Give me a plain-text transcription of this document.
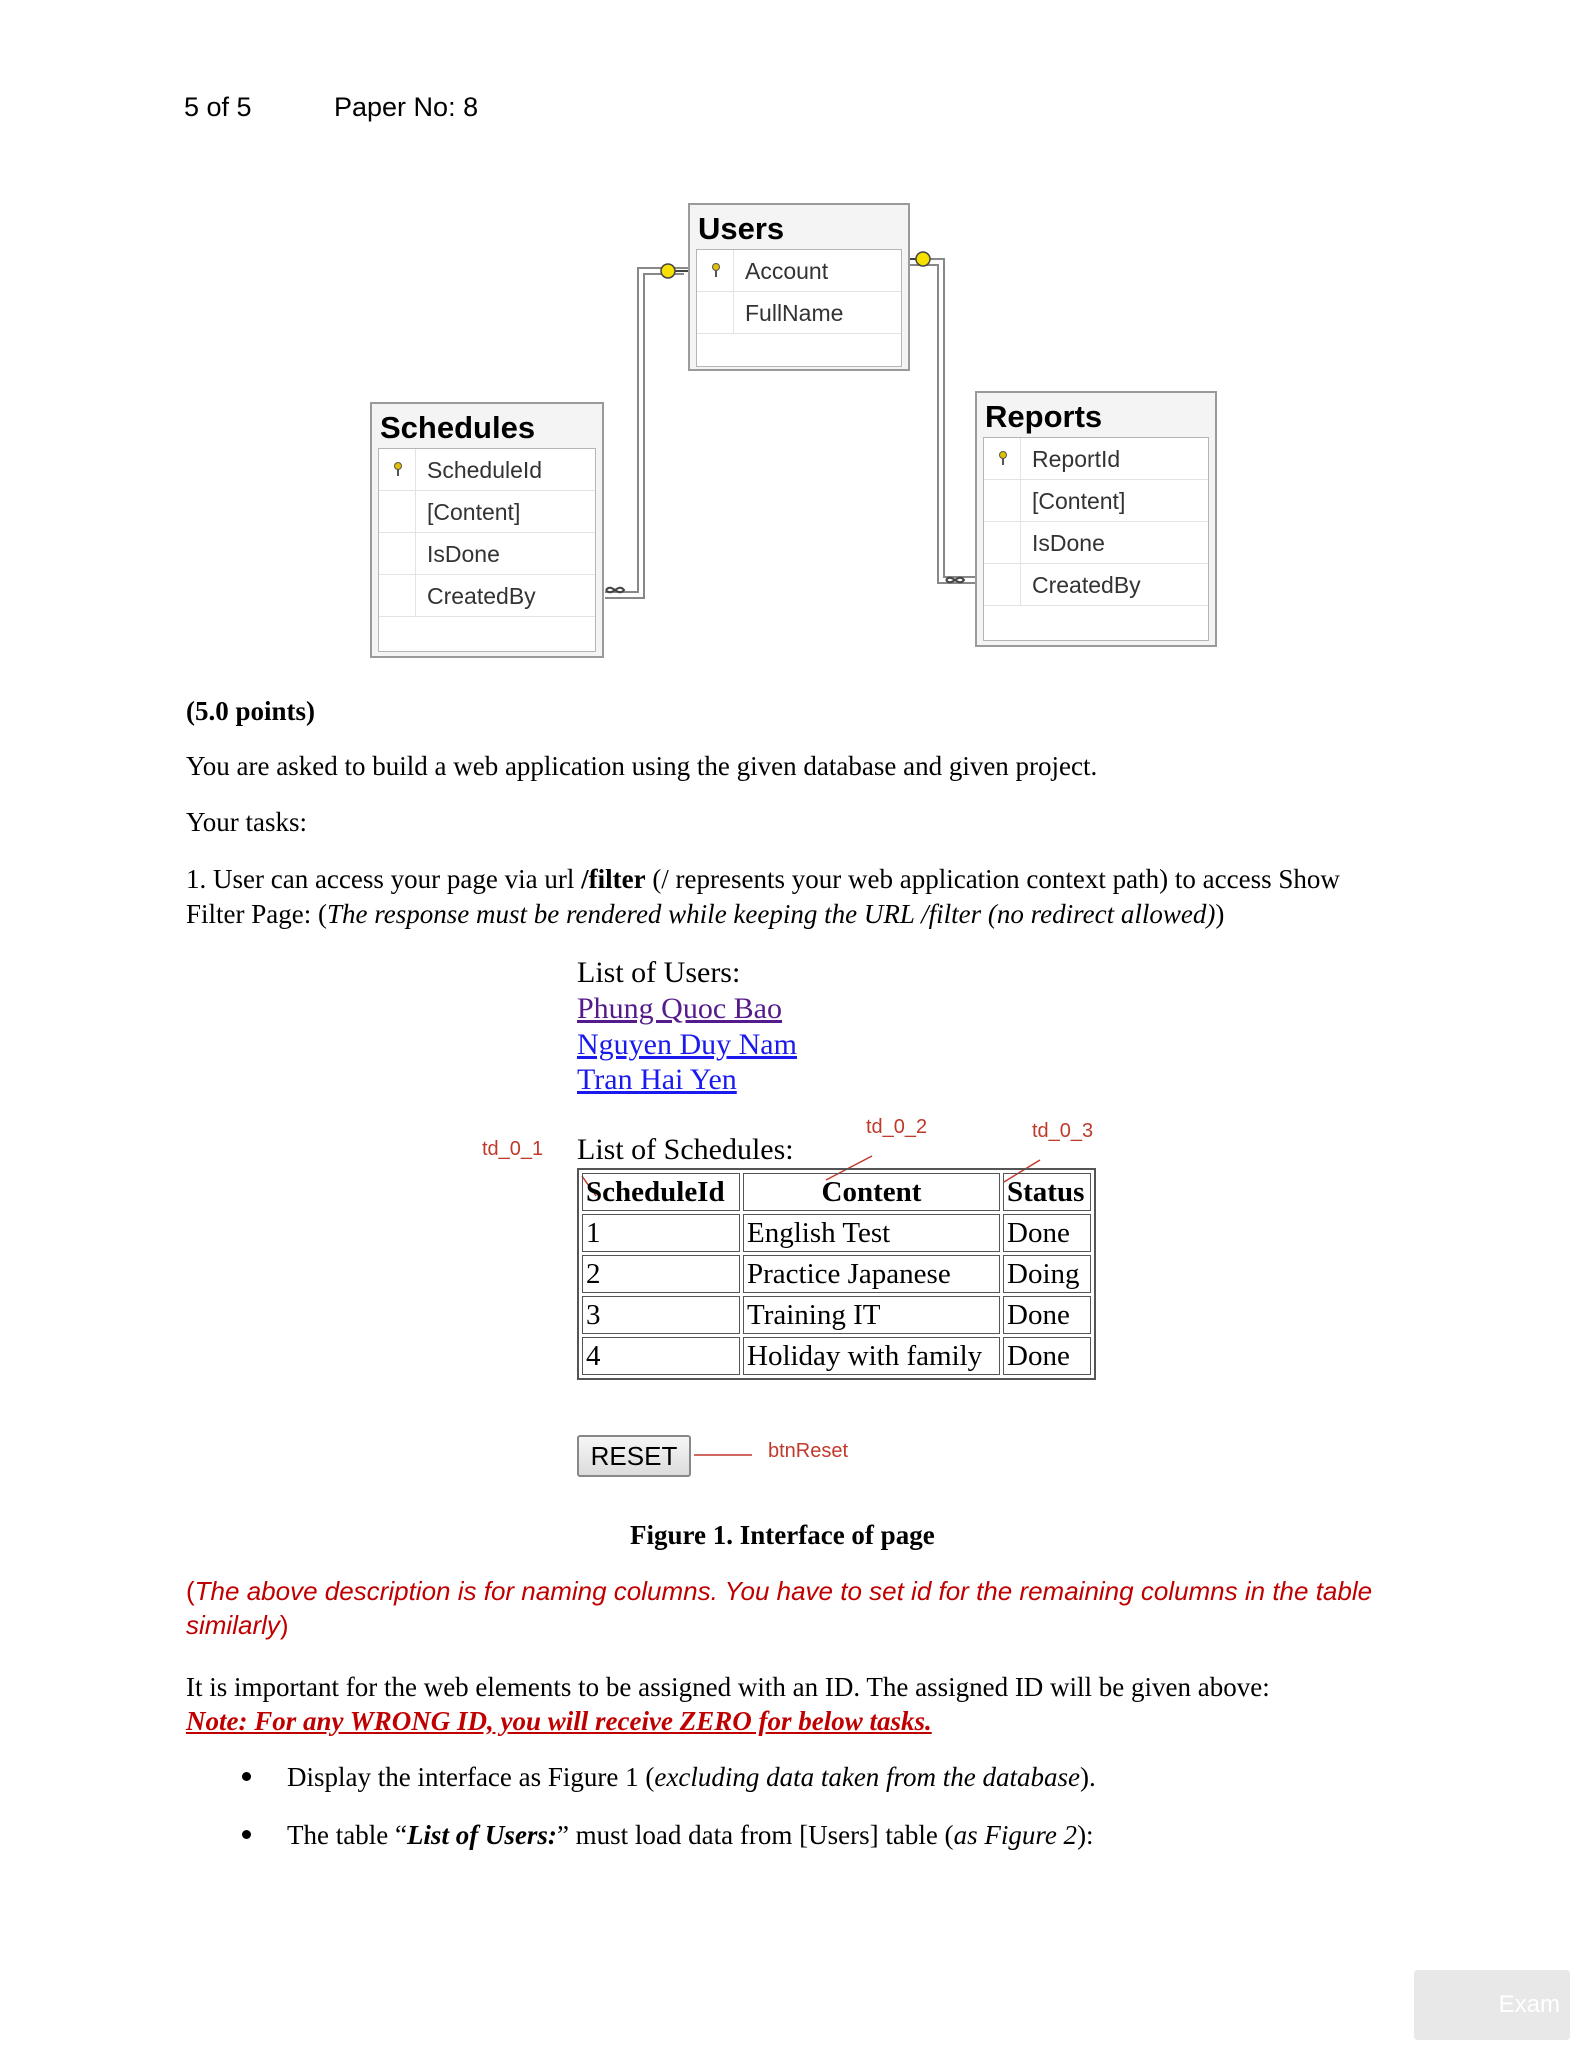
5 of 5	Paper No: 8
Users
Account
FullName
Schedules
ScheduleId
[Content]
IsDone
CreatedBy
Reports
ReportId
[Content]
IsDone
CreatedBy
(5.0 points)
You are asked to build a web application using the given database and given project.
Your tasks:
1. User can access your page via url /filter (/ represents your web application context path) to access Show
Filter Page: (The response must be rendered while keeping the URL /filter (no redirect allowed))
List of Users:
Phung Quoc Bao
Nguyen Duy Nam
Tran Hai Yen
List of Schedules:
td_0_1
td_0_2	td_0_3
ScheduleId	Content	Status
1	English Test	Done
2	Practice Japanese	Doing
3	Training IT	Done
4	Holiday with family	Done
RESET	btnReset
Figure 1. Interface of page
(The above description is for naming columns. You have to set id for the remaining columns in the table
similarly)
It is important for the web elements to be assigned with an ID. The assigned ID will be given above:
Note: For any WRONG ID, you will receive ZERO for below tasks.
Display the interface as Figure 1 (excluding data taken from the database).
The table “List of Users:” must load data from [Users] table (as Figure 2):
Exam
